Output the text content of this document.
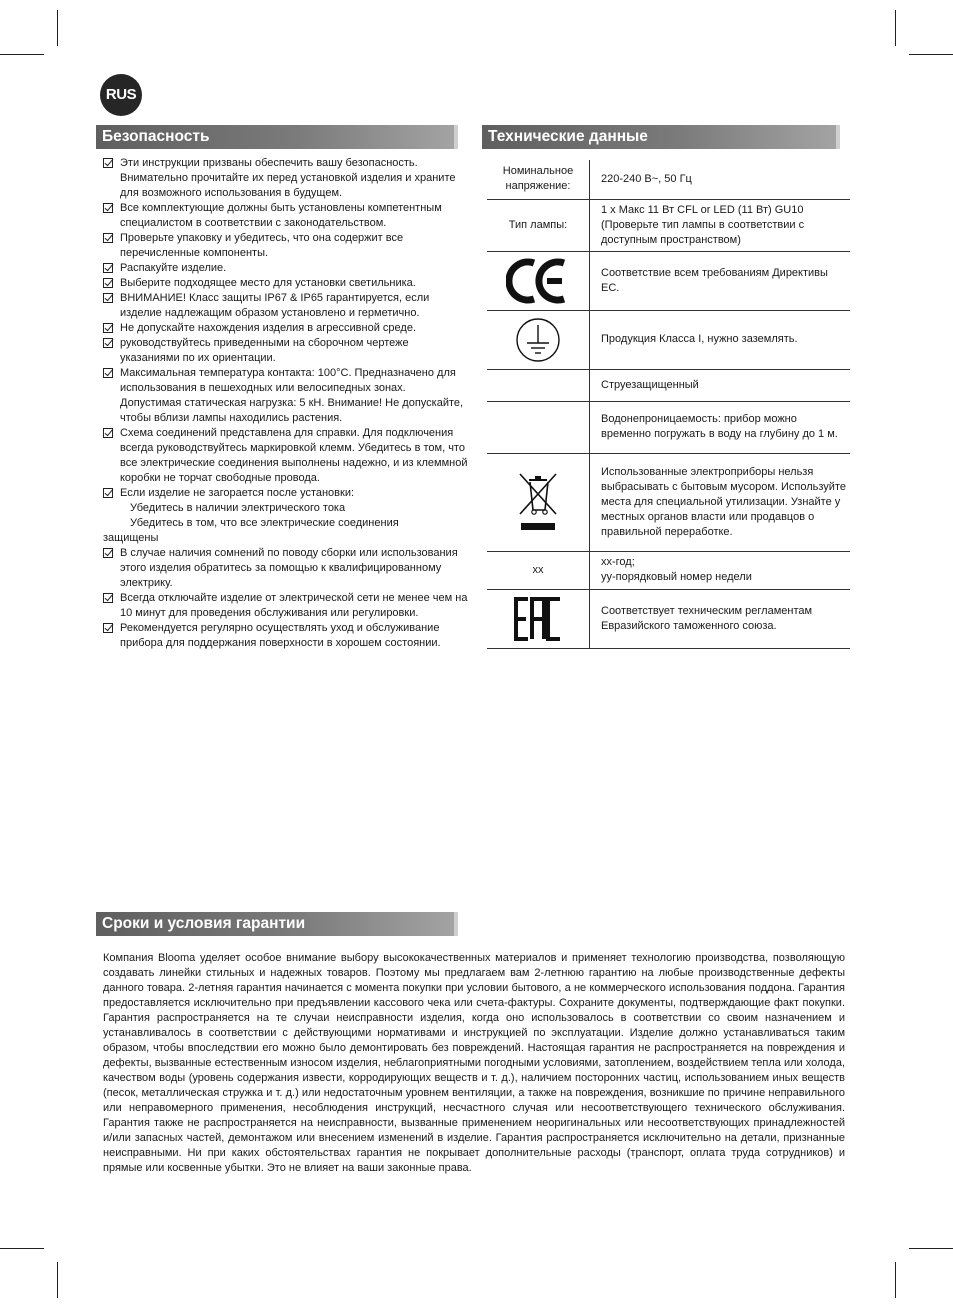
RUS
Безопасность
Эти инструкции призваны обеспечить вашу безопасность. Внимательно прочитайте их перед установкой изделия и храните для возможного использования в будущем.
Все комплектующие должны быть установлены компетентным специалистом в соответствии с законодательством.
Проверьте упаковку и убедитесь, что она содержит все перечисленные компоненты.
Распакуйте изделие.
Выберите подходящее место для установки светильника.
ВНИМАНИЕ! Класс защиты IP67 & IP65 гарантируется, если изделие надлежащим образом установлено и герметично.
Не допускайте нахождения изделия в агрессивной среде.
руководствуйтесь приведенными на сборочном чертеже указаниями по их ориентации.
Максимальная температура контакта: 100°C. Предназначено для использования в пешеходных или велосипедных зонах. Допустимая статическая нагрузка: 5 кН. Внимание! Не допускайте, чтобы вблизи лампы находились растения.
Схема соединений представлена для справки. Для подключения всегда руководствуйтесь маркировкой клемм. Убедитесь в том, что все электрические соединения выполнены надежно, и из клеммной коробки не торчат свободные провода.
Если изделие не загорается после установки:
Убедитесь в наличии электрического тока
Убедитесь в том, что все электрические соединения
защищены
В случае наличия сомнений по поводу сборки или использования этого изделия обратитесь за помощью к квалифицированному электрику.
Всегда отключайте изделие от электрической сети не менее чем на 10 минут для проведения обслуживания или регулировки.
Рекомендуется регулярно осуществлять уход и обслуживание прибора для поддержания поверхности в хорошем состоянии.
Технические данные
Номинальное напряжение:	220-240 В~, 50 Гц
Тип лампы:	1 x Макс 11 Вт CFL or LED (11 Вт) GU10 (Проверьте тип лампы в соответствии с доступным пространством)

	Соответствие всем требованиям Директивы ЕС.

	Продукция Класса I, нужно заземлять.
	Струезащищенный
	Водонепроницаемость: прибор можно временно погружать в воду на глубину до 1 м.

	Использованные электроприборы нельзя выбрасывать с бытовым мусором. Используйте места для специальной утилизации. Узнайте у местных органов власти или продавцов о правильной переработке.
xx	xx-год;
yy-порядковый номер недели

	Соответствует техническим регламентам Евразийского таможенного союза.
Сроки и условия гарантии

Компания Blooma уделяет особое внимание выбору высококачественных материалов и применяет технологию производства, позволяющую создавать линейки стильных и надежных товаров. Поэтому мы предлагаем вам 2-летнюю гарантию на любые производственные дефекты данного товара. 2-летняя гарантия начинается с момента покупки при условии бытового, а не коммерческого использования поддона. Гарантия предоставляется исключительно при предъявлении кассового чека или счета-фактуры. Сохраните документы, подтверждающие факт покупки. Гарантия распространяется на те случаи неисправности изделия, когда оно использовалось в соответствии со своим назначением и устанавливалось в соответствии с действующими нормативами и инструкцией по эксплуатации. Изделие должно устанавливаться таким образом, чтобы впоследствии его можно было демонтировать без повреждений. Настоящая гарантия не распространяется на повреждения и дефекты, вызванные естественным износом изделия, неблагоприятными погодными условиями, затоплением, воздействием тепла или холода, качеством воды (уровень содержания извести, корродирующих веществ и т. д.), наличием посторонних частиц, использованием иных веществ (песок, металлическая стружка и т. д.) или недостаточным уровнем вентиляции, а также на повреждения, возникшие по причине неправильного или неправомерного применения, несоблюдения инструкций, несчастного случая или несоответствующего технического обслуживания. Гарантия также не распространяется на неисправности, вызванные применением неоригинальных или несоответствующих принадлежностей и/или запасных частей, демонтажом или внесением изменений в изделие. Гарантия распространяется исключительно на детали, признанные неисправными. Ни при каких обстоятельствах гарантия не покрывает дополнительные расходы (транспорт, оплата труда сотрудников) и прямые или косвенные убытки. Это не влияет на ваши законные права.
